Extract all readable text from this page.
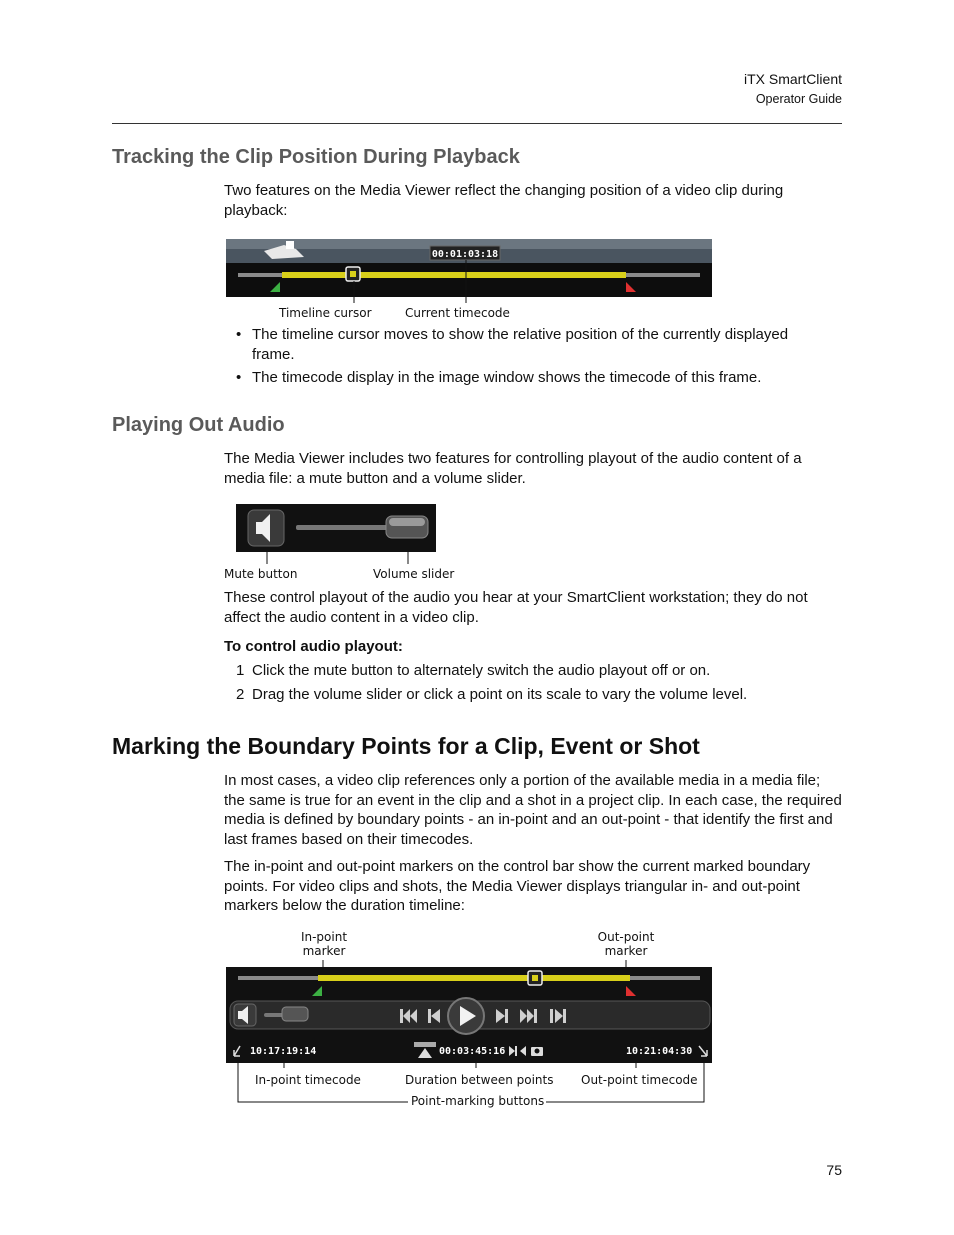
iTX SmartClient
Operator Guide
Tracking the Clip Position During Playback
Two features on the Media Viewer reflect the changing position of a video clip during playback:
00:01:03:18
Timeline cursor	Current timecode
• The timeline cursor moves to show the relative position of the currently displayed frame.
• The timecode display in the image window shows the timecode of this frame.
Playing Out Audio
The Media Viewer includes two features for controlling playout of the audio content of a media file: a mute button and a volume slider.
Mute button	Volume slider
These control playout of the audio you hear at your SmartClient workstation; they do not affect the audio content in a video clip.
To control audio playout:
1 Click the mute button to alternately switch the audio playout off or on.
2 Drag the volume slider or click a point on its scale to vary the volume level.
Marking the Boundary Points for a Clip, Event or Shot
In most cases, a video clip references only a portion of the available media in a media file; the same is true for an event in the clip and a shot in a project clip. In each case, the required media is defined by boundary points - an in-point and an out-point - that identify the first and last frames based on their timecodes.
The in-point and out-point markers on the control bar show the current marked boundary points. For video clips and shots, the Media Viewer displays triangular in- and out-point markers below the duration timeline:
In-point
marker
Out-point
marker
10:17:19:14	00:03:45:16	10:21:04:30
In-point timecode	Duration between points Out-point timecode
Point-marking buttons
75
